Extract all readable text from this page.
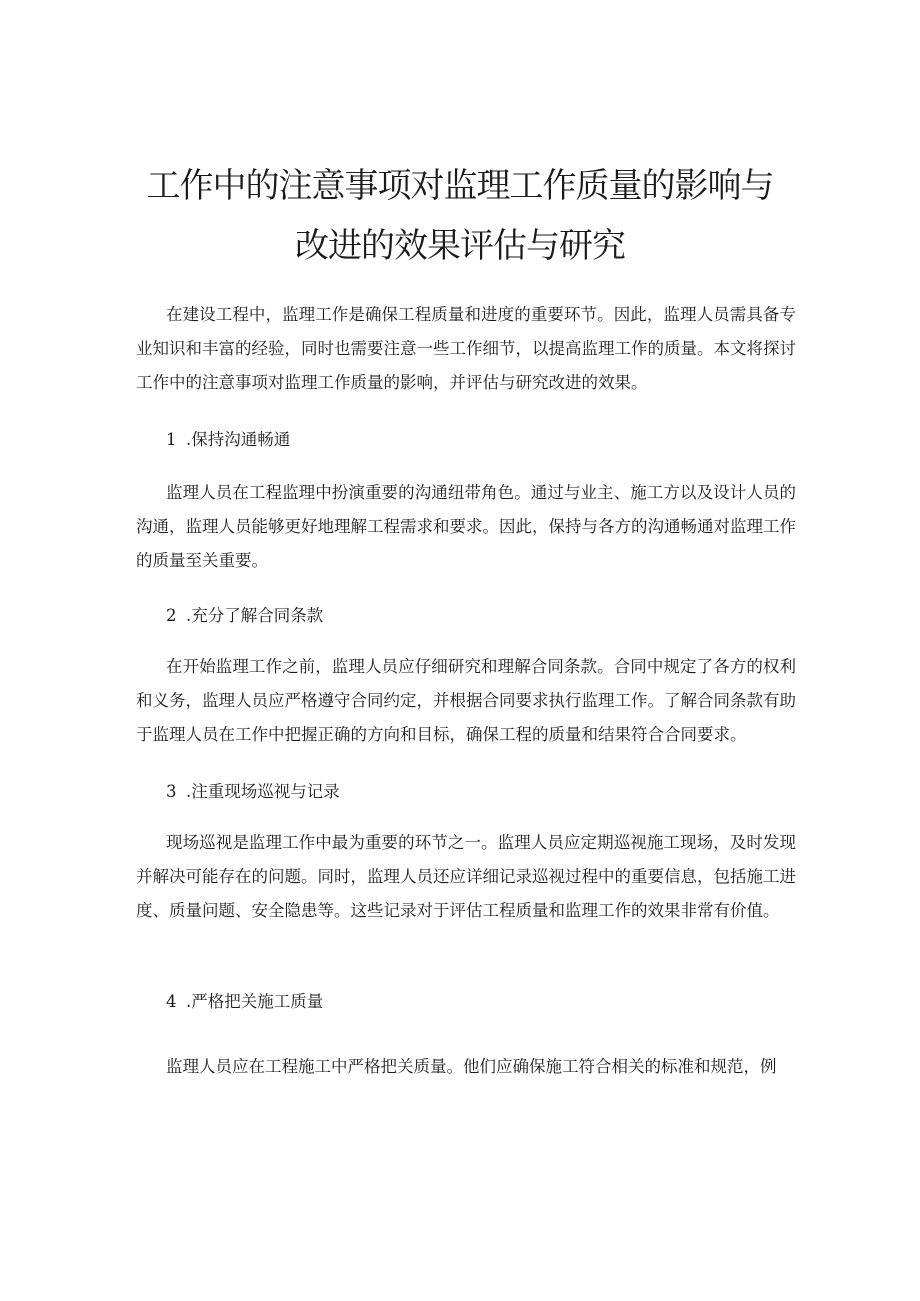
工作中的注意事项对监理工作质量的影响与
改进的效果评估与研究

在建设工程中，监理工作是确保工程质量和进度的重要环节。因此，监理人员需具备专业知识和丰富的经验，同时也需要注意一些工作细节，以提高监理工作的质量。本文将探讨工作中的注意事项对监理工作质量的影响，并评估与研究改进的效果。

1 .保持沟通畅通

监理人员在工程监理中扮演重要的沟通纽带角色。通过与业主、施工方以及设计人员的沟通，监理人员能够更好地理解工程需求和要求。因此，保持与各方的沟通畅通对监理工作的质量至关重要。

2 .充分了解合同条款

在开始监理工作之前，监理人员应仔细研究和理解合同条款。合同中规定了各方的权利和义务，监理人员应严格遵守合同约定，并根据合同要求执行监理工作。了解合同条款有助于监理人员在工作中把握正确的方向和目标，确保工程的质量和结果符合合同要求。

3 .注重现场巡视与记录

现场巡视是监理工作中最为重要的环节之一。监理人员应定期巡视施工现场，及时发现并解决可能存在的问题。同时，监理人员还应详细记录巡视过程中的重要信息，包括施工进度、质量问题、安全隐患等。这些记录对于评估工程质量和监理工作的效果非常有价值。

4 .严格把关施工质量

监理人员应在工程施工中严格把关质量。他们应确保施工符合相关的标准和规范，例
